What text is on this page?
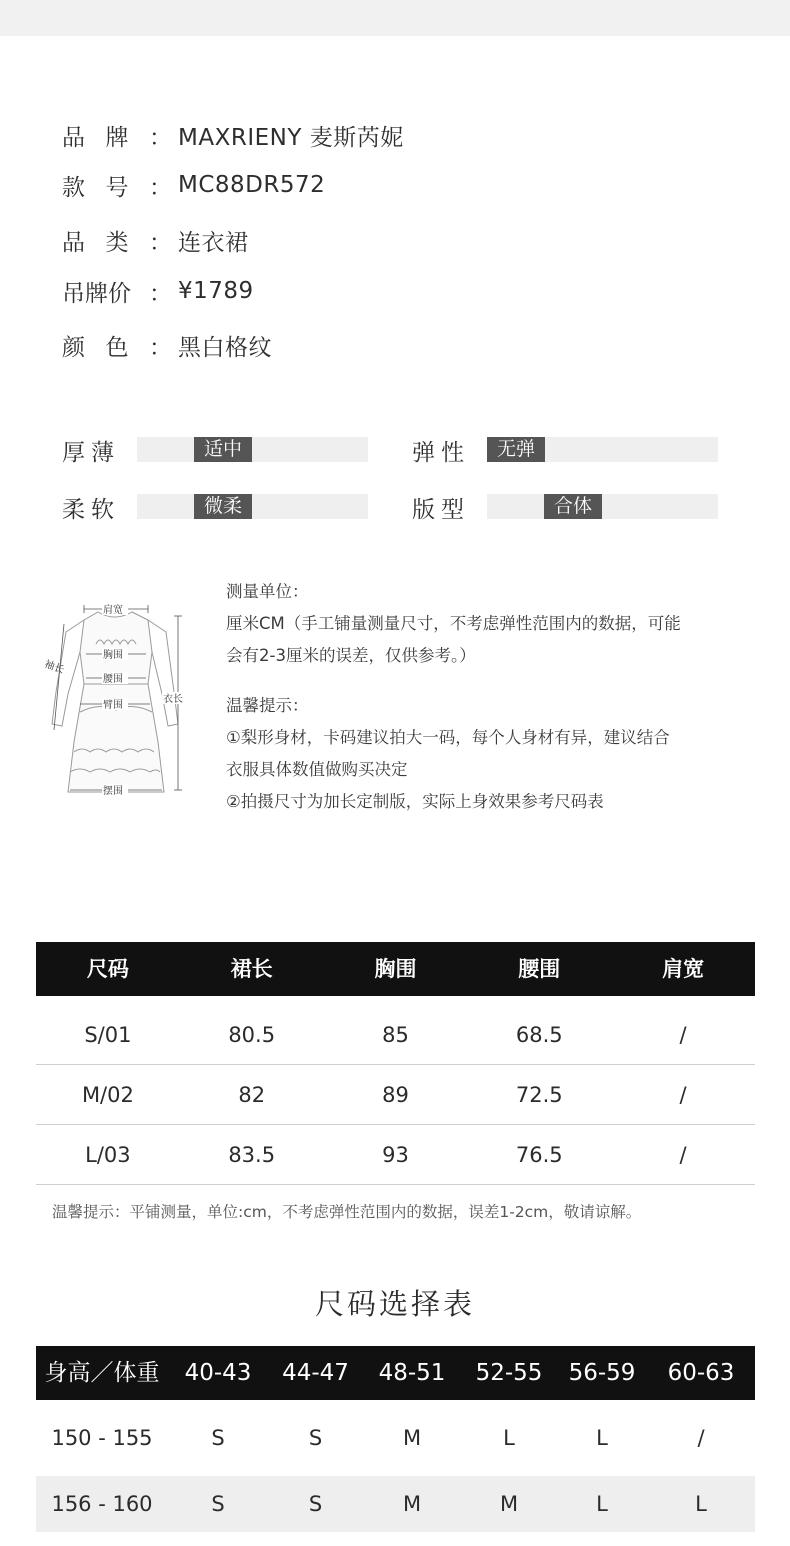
品 牌 ： MAXRIENY 麦斯芮妮
款 号 ： MC88DR572
品 类 ： 连衣裙
吊牌价 ： ¥1789
颜 色 ： 黑白格纹
厚薄	适中	弹性	无弹
柔软	微柔	版型	合体
肩宽
胸围
腰围
臂围
摆围
衣长
袖长
测量单位：
厘米CM（手工铺量测量尺寸，不考虑弹性范围内的数据，可能
会有2-3厘米的误差，仅供参考。）
温馨提示：
①梨形身材，卡码建议拍大一码，每个人身材有异，建议结合
衣服具体数值做购买决定
②拍摄尺寸为加长定制版，实际上身效果参考尺码表
尺码	裙长	胸围	腰围	肩宽
S/01	80.5	85	68.5	/
M/02	82	89	72.5	/
L/03	83.5	93	76.5	/
温馨提示：平铺测量，单位:cm，不考虑弹性范围内的数据，误差1-2cm，敬请谅解。
尺码选择表
身高／体重	40-43	44-47	48-51	52-55	56-59	60-63
150 - 155	S	S	M	L	L	/
156 - 160	S	S	M	M	L	L
